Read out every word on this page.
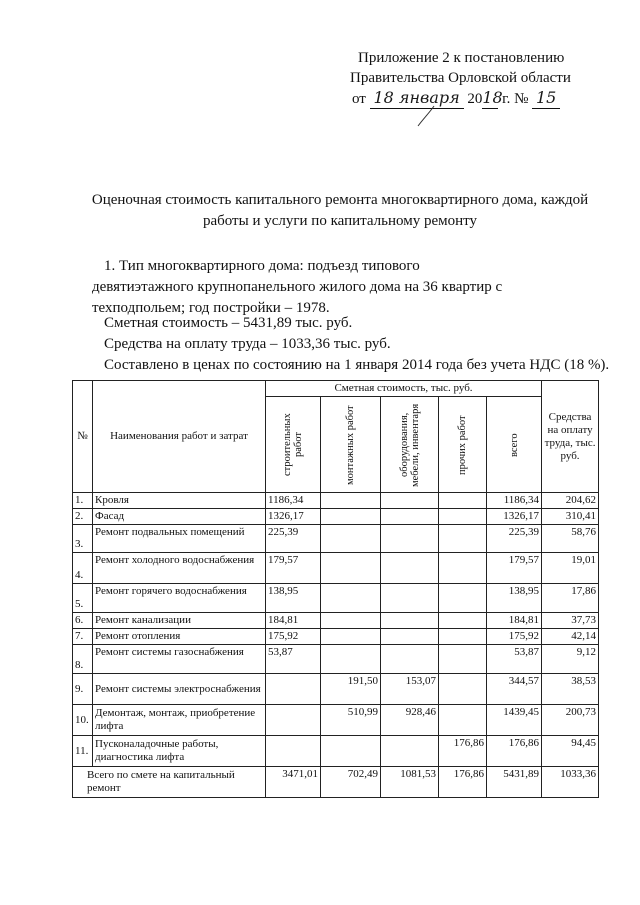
Приложение 2 к постановлению
Правительства Орловской области
от 18 января 2018 г. № 15
Оценочная стоимость капитального ремонта многоквартирного дома, каждой
работы и услуги по капитальному ремонту
1. Тип многоквартирного дома: подъезд типового девятиэтажного крупнопанельного жилого дома на 36 квартир с техподпольем; год постройки – 1978.
Сметная стоимость – 5431,89 тыс. руб.
Средства на оплату труда – 1033,36 тыс. руб.
Составлено в ценах по состоянию на 1 января 2014 года без учета НДС (18 %).
№	Наименования работ и затрат	Сметная стоимость, тыс. руб.					Средства на оплату труда, тыс. руб.

		строительных работ	монтажных работ	оборудования, мебели, инвентаря	прочих работ	всего	

1.	Кровля	1186,34				1186,34	204,62
2.	Фасад	1326,17				1326,17	310,41
3.	Ремонт подвальных помещений	225,39				225,39	58,76
4.	Ремонт холодного водоснабжения	179,57				179,57	19,01
5.	Ремонт горячего водоснабжения	138,95				138,95	17,86
6.	Ремонт канализации	184,81				184,81	37,73
7.	Ремонт отопления	175,92				175,92	42,14
8.	Ремонт системы газоснабжения	53,87				53,87	9,12
9.	Ремонт системы электроснабжения		191,50	153,07		344,57	38,53
10.	Демонтаж, монтаж, приобретение лифта		510,99	928,46		1439,45	200,73
11.	Пусконаладочные работы, диагностика лифта				176,86	176,86	94,45
Всего по смете на капитальный ремонт		3471,01	702,49	1081,53	176,86	5431,89	1033,36
